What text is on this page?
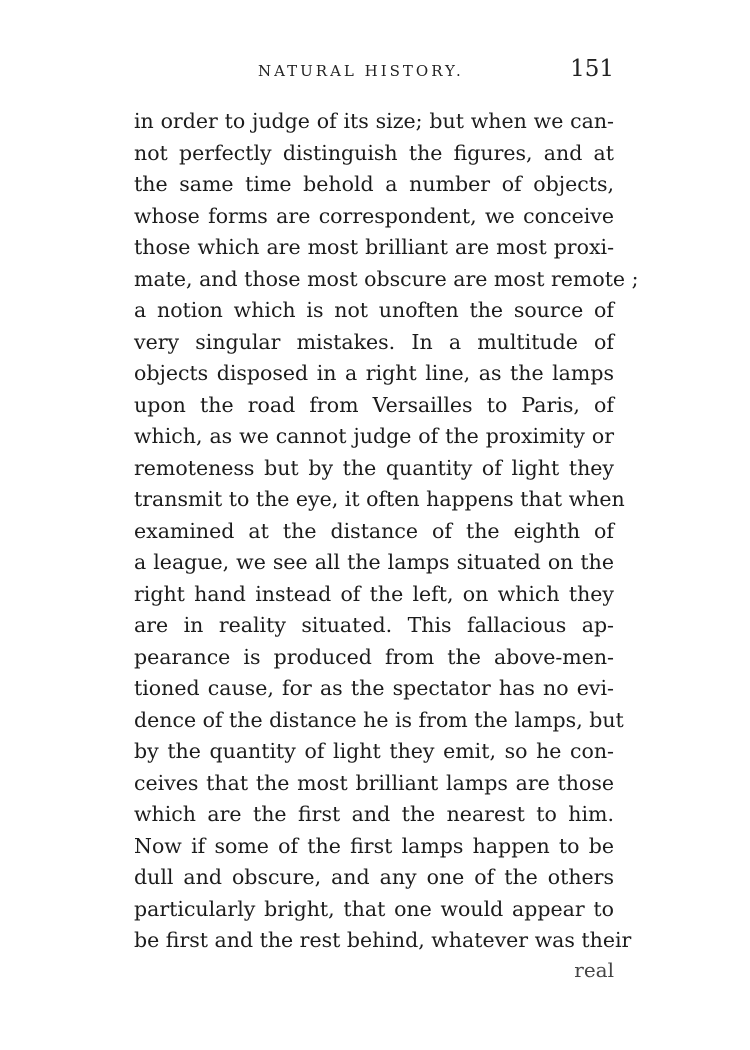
NATURAL HISTORY.	151
in order to judge of its size; but when we can-
not perfectly distinguish the figures, and at
the same time behold a number of objects,
whose forms are correspondent, we conceive
those which are most brilliant are most proxi-
mate, and those most obscure are most remote ;
a notion which is not unoften the source of
very singular mistakes. In a multitude of
objects disposed in a right line, as the lamps
upon the road from Versailles to Paris, of
which, as we cannot judge of the proximity or
remoteness but by the quantity of light they
transmit to the eye, it often happens that when
examined at the distance of the eighth of
a league, we see all the lamps situated on the
right hand instead of the left, on which they
are in reality situated. This fallacious ap-
pearance is produced from the above-men-
tioned cause, for as the spectator has no evi-
dence of the distance he is from the lamps, but
by the quantity of light they emit, so he con-
ceives that the most brilliant lamps are those
which are the first and the nearest to him.
Now if some of the first lamps happen to be
dull and obscure, and any one of the others
particularly bright, that one would appear to
be first and the rest behind, whatever was their
real
